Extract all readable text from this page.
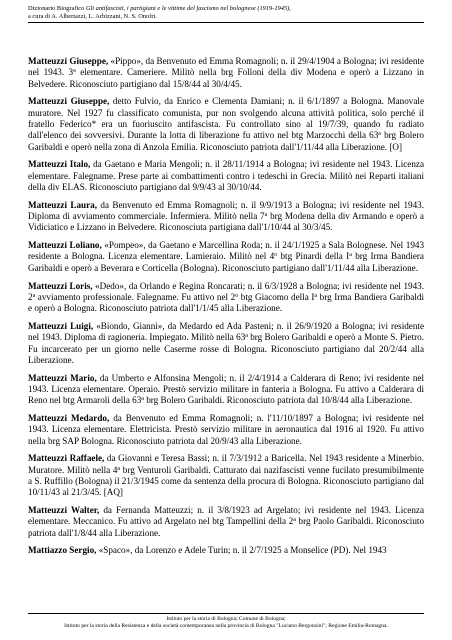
Dizionario Biografico Gli antifascisti, i partigiani e le vittime del fascismo nel bolognese (1919-1945),
a cura di A. Albertazzi, L. Arbizzani, N. S. Onofri.

Matteuzzi Giuseppe, «Pippo», da Benvenuto ed Emma Romagnoli; n. il 29/4/1904 a Bologna; ivi residente nel 1943. 3$^a$ elementare. Cameriere. Militò nella brg Folloni della div Modena e operò a Lizzano in Belvedere. Riconosciuto partigiano dal 15/8/44 al 30/4/45.

Matteuzzi Giuseppe, detto Fulvio, da Enrico e Clementa Damiani; n. il 6/1/1897 a Bologna. Manovale muratore. Nel 1927 fu classificato comunista, pur non svolgendo alcuna attività politica, solo perché il fratello Federico* era un fuoriuscito antifascista. Fu controllato sino al 19/7/39, quando fu radiato dall'elenco dei sovversivi. Durante la lotta di liberazione fu attivo nel btg Marzocchi della 63$^a$ brg Bolero Garibaldi e operò nella zona di Anzola Emilia. Riconosciuto patriota dall'1/11/44 alla Liberazione. [O]

Matteuzzi Italo, da Gaetano e Maria Mengoli; n. il 28/11/1914 a Bologna; ivi residente nel 1943. Licenza elementare. Falegname. Prese parte ai combattimenti contro i tedeschi in Grecia. Militò nei Reparti italiani della div ELAS. Riconosciuto partigiano dal 9/9/43 al 30/10/44.

Matteuzzi Laura, da Benvenuto ed Emma Romagnoli; n. il 9/9/1913 a Bologna; ivi residente nel 1943. Diploma di avviamento commerciale. Infermiera. Militò nella 7$^a$ brg Modena della div Armando e operò a Vidiciatico e Lizzano in Belvedere. Riconosciuta partigiana dall'1/10/44 al 30/3/45.

Matteuzzi Loliano, «Pompeo», da Gaetano e Marcellina Roda; n. il 24/1/1925 a Sala Bolognese. Nel 1943 residente a Bologna. Licenza elementare. Lamieraio. Militò nel 4$^o$ btg Pinardi della $I^a$ brg Irma Bandiera Garibaldi e operò a Beverara e Corticella (Bologna). Riconosciuto partigiano dall'1/11/44 alla Liberazione.

Matteuzzi Loris, «Dedo», da Orlando e Regina Roncarati; n. il 6/3/1928 a Bologna; ivi residente nel 1943. 2$^a$ avviamento professionale. Falegname. Fu attivo nel 2$^o$ btg Giacomo della $I^a$ brg Irma Bandiera Garibaldi e operò a Bologna. Riconosciuto patriota dall'1/1/45 alla Liberazione.

Matteuzzi Luigi, «Biondo, Gianni», da Medardo ed Ada Pasteni; n. il 26/9/1920 a Bologna; ivi residente nel 1943. Diploma di ragioneria. Impiegato. Militò nella 63$^a$ brg Bolero Garibaldi e operò a Monte S. Pietro. Fu incarcerato per un giorno nelle Caserme rosse di Bologna. Riconosciuto partigiano dal 20/2/44 alla Liberazione.

Matteuzzi Mario, da Umberto e Alfonsina Mengoli; n. il 2/4/1914 a Calderara di Reno; ivi residente nel 1943. Licenza elementare. Operaio. Prestò servizio militare in fanteria a Bologna. Fu attivo a Calderara di Reno nel btg Armaroli della 63$^a$ brg Bolero Garibaldi. Riconosciuto patriota dal 10/8/44 alla Liberazione.

Matteuzzi Medardo, da Benvenuto ed Emma Romagnoli; n. l'11/10/1897 a Bologna; ivi residente nel 1943. Licenza elementare. Elettricista. Prestò servizio militare in aeronautica dal 1916 al 1920. Fu attivo nella brg SAP Bologna. Riconosciuto patriota dal 20/9/43 alla Liberazione.

Matteuzzi Raffaele, da Giovanni e Teresa Bassi; n. il 7/3/1912 a Baricella. Nel 1943 residente a Minerbio. Muratore. Militò nella 4$^a$ brg Venturoli Garibaldi. Catturato dai nazifascisti venne fucilato presumibilmente a S. Ruffillo (Bologna) il 21/3/1945 come da sentenza della procura di Bologna. Riconosciuto partigiano dal 10/11/43 al 21/3/45. [AQ]

Matteuzzi Walter, da Fernanda Matteuzzi; n. il 3/8/1923 ad Argelato; ivi residente nel 1943. Licenza elementare. Meccanico. Fu attivo ad Argelato nel btg Tampellini della 2$^a$ brg Paolo Garibaldi. Riconosciuto patriota dall'1/8/44 alla Liberazione.

Mattiazzo Sergio, «Spaco», da Lorenzo e Adele Turin; n. il 2/7/1925 a Monselice (PD). Nel 1943

Istituto per la storia di Bologna; Comune di Bologna;
Istituto per la storia della Resistenza e della società contemporanea nella provincia di Bologna "Luciano Bergonzini"; Regione Emilia-Romagna.
